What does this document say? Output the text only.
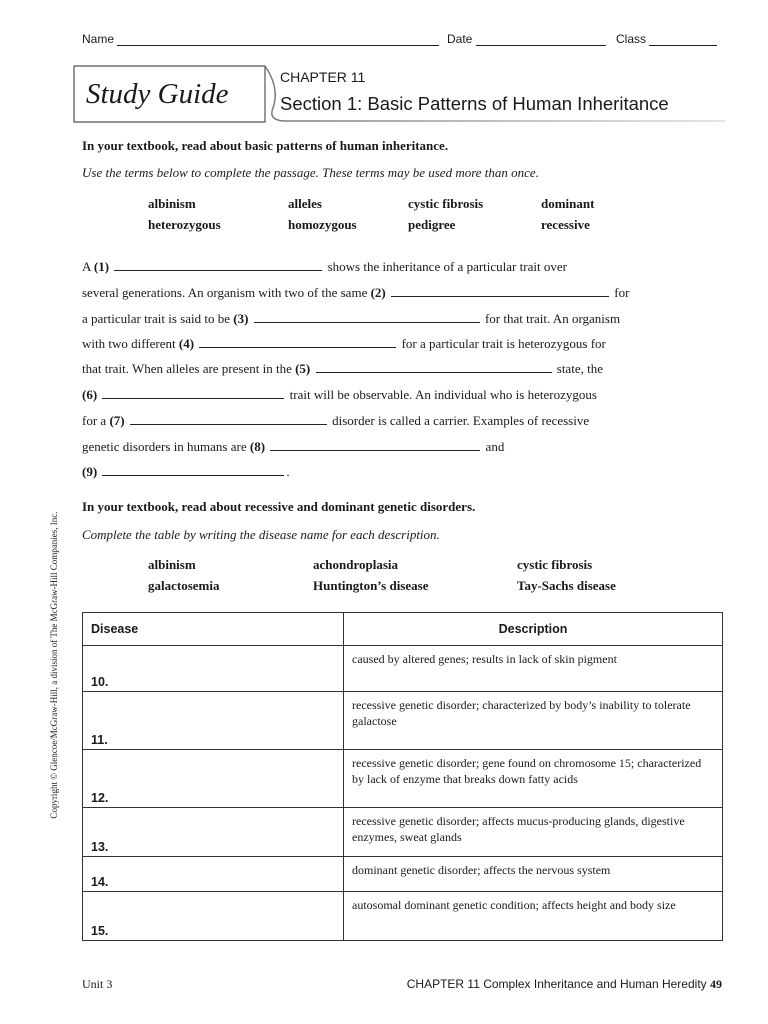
Name	Date	Class
Study Guide
CHAPTER 11
Section 1: Basic Patterns of Human Inheritance
In your textbook, read about basic patterns of human inheritance.
Use the terms below to complete the passage. These terms may be used more than once.
albinism	alleles	cystic fibrosis	dominant
heterozygous	homozygous	pedigree	recessive
A (1)	shows the inheritance of a particular trait over
several generations. An organism with two of the same (2)	for
a particular trait is said to be (3)	for that trait. An organism
with two different (4)	for a particular trait is heterozygous for
that trait. When alleles are present in the (5)	state, the
(6)	trait will be observable. An individual who is heterozygous
for a (7)	disorder is called a carrier. Examples of recessive
genetic disorders in humans are (8)	and
(9)	.
In your textbook, read about recessive and dominant genetic disorders.
Complete the table by writing the disease name for each description.
albinism	achondroplasia	cystic fibrosis
galactosemia	Huntington’s disease	Tay-Sachs disease
Disease	Description
10.	caused by altered genes; results in lack of skin pigment
11.	recessive genetic disorder; characterized by body’s inability to tolerate galactose
12.	recessive genetic disorder; gene found on chromosome 15; characterized by lack of enzyme that breaks down fatty acids
13.	recessive genetic disorder; affects mucus-producing glands, digestive enzymes, sweat glands
14.	dominant genetic disorder; affects the nervous system
15.	autosomal dominant genetic condition; affects height and body size
Copyright © Glencoe/McGraw-Hill, a division of The McGraw-Hill Companies, Inc.
Unit 3	CHAPTER 11 Complex Inheritance and Human Heredity 49
